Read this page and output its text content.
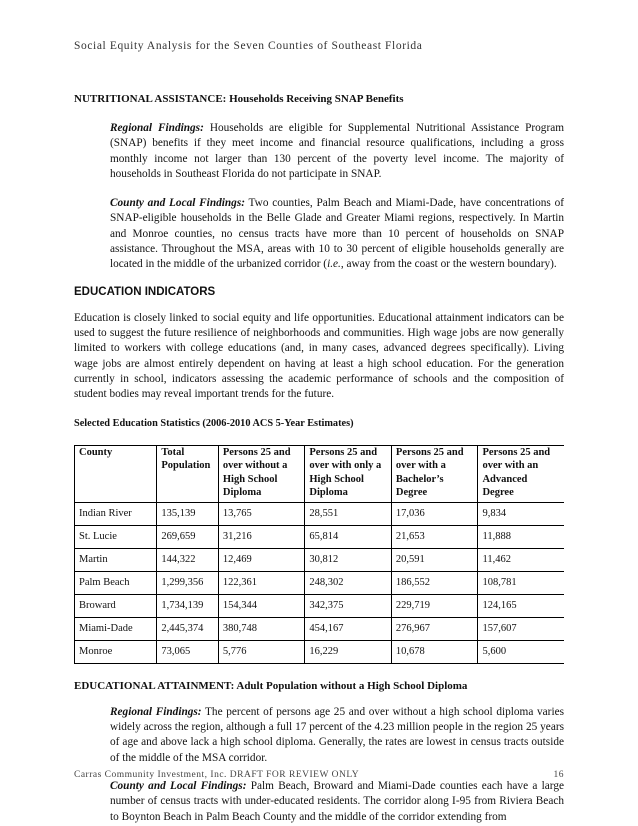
Social Equity Analysis for the Seven Counties of Southeast Florida
NUTRITIONAL ASSISTANCE: Households Receiving SNAP Benefits

Regional Findings: Households are eligible for Supplemental Nutritional Assistance Program (SNAP) benefits if they meet income and financial resource qualifications, including a gross monthly income not larger than 130 percent of the poverty level income. The majority of households in Southeast Florida do not participate in SNAP.

County and Local Findings: Two counties, Palm Beach and Miami-Dade, have concentrations of SNAP-eligible households in the Belle Glade and Greater Miami regions, respectively. In Martin and Monroe counties, no census tracts have more than 10 percent of households on SNAP assistance. Throughout the MSA, areas with 10 to 30 percent of eligible households generally are located in the middle of the urbanized corridor (i.e., away from the coast or the western boundary).

EDUCATION INDICATORS

Education is closely linked to social equity and life opportunities. Educational attainment indicators can be used to suggest the future resilience of neighborhoods and communities. High wage jobs are now generally limited to workers with college educations (and, in many cases, advanced degrees specifically). Living wage jobs are almost entirely dependent on having at least a high school education. For the generation currently in school, indicators assessing the academic performance of schools and the composition of student bodies may reveal important trends for the future.

Selected Education Statistics (2006-2010 ACS 5-Year Estimates)

County	Total Population	Persons 25 and over without a High School Diploma	Persons 25 and over with only a High School Diploma	Persons 25 and over with a Bachelor’s Degree	Persons 25 and over with an Advanced Degree
Indian River	135,139	13,765	28,551	17,036	9,834
St. Lucie	269,659	31,216	65,814	21,653	11,888
Martin	144,322	12,469	30,812	20,591	11,462
Palm Beach	1,299,356	122,361	248,302	186,552	108,781
Broward	1,734,139	154,344	342,375	229,719	124,165
Miami-Dade	2,445,374	380,748	454,167	276,967	157,607
Monroe	73,065	5,776	16,229	10,678	5,600
EDUCATIONAL ATTAINMENT: Adult Population without a High School Diploma

Regional Findings: The percent of persons age 25 and over without a high school diploma varies widely across the region, although a full 17 percent of the 4.23 million people in the region 25 years of age and above lack a high school diploma. Generally, the rates are lowest in census tracts outside of the middle of the MSA corridor.

County and Local Findings: Palm Beach, Broward and Miami-Dade counties each have a large number of census tracts with under-educated residents. The corridor along I-95 from Riviera Beach to Boynton Beach in Palm Beach County and the middle of the corridor extending from

Carras Community Investment, Inc. DRAFT FOR REVIEW ONLY	16
